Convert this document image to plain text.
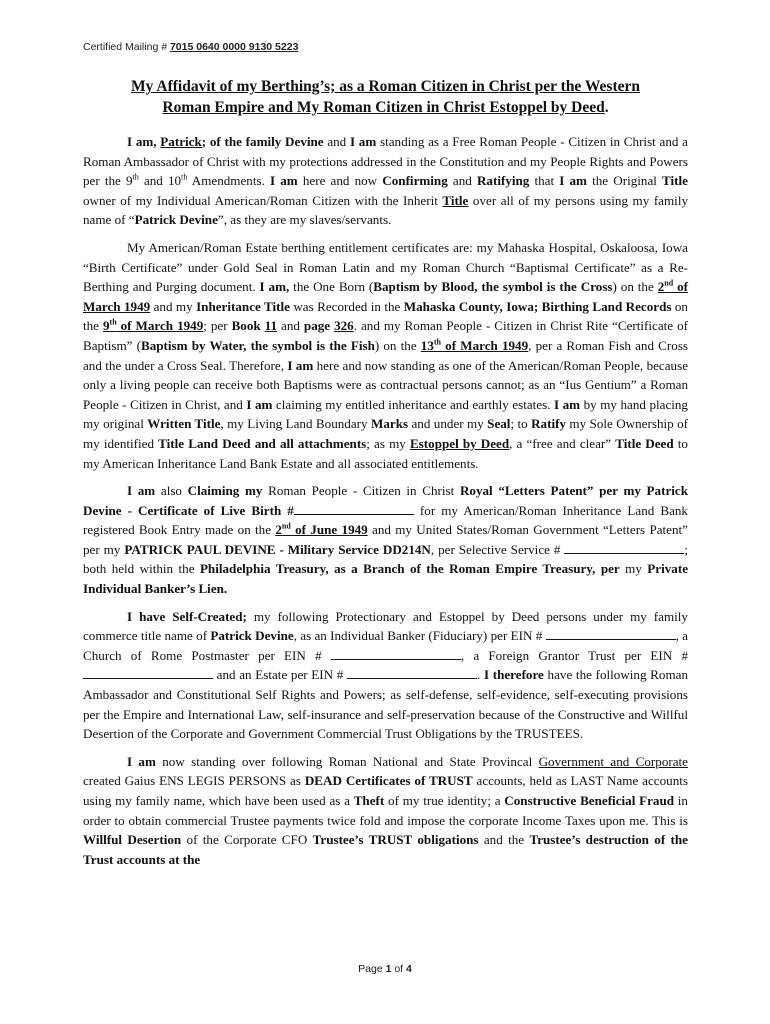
Certified Mailing # 7015 0640 0000 9130 5223
My Affidavit of my Berthing’s; as a Roman Citizen in Christ per the Western
Roman Empire and My Roman Citizen in Christ Estoppel by Deed.

I am, Patrick; of the family Devine and I am standing as a Free Roman People - Citizen in Christ and a Roman Ambassador of Christ with my protections addressed in the Constitution and my People Rights and Powers per the 9th and 10th Amendments. I am here and now Confirming and Ratifying that I am the Original Title owner of my Individual American/Roman Citizen with the Inherit Title over all of my persons using my family name of “Patrick Devine”, as they are my slaves/servants.

My American/Roman Estate berthing entitlement certificates are: my Mahaska Hospital, Oskaloosa, Iowa “Birth Certificate” under Gold Seal in Roman Latin and my Roman Church “Baptismal Certificate” as a Re-Berthing and Purging document. I am, the One Born (Baptism by Blood, the symbol is the Cross) on the 2nd of March 1949 and my Inheritance Title was Recorded in the Mahaska County, Iowa; Birthing Land Records on the 9th of March 1949; per Book 11 and page 326. and my Roman People - Citizen in Christ Rite “Certificate of Baptism” (Baptism by Water, the symbol is the Fish) on the 13th of March 1949, per a Roman Fish and Cross and the under a Cross Seal. Therefore, I am here and now standing as one of the American/Roman People, because only a living people can receive both Baptisms were as contractual persons cannot; as an “Ius Gentium” a Roman People - Citizen in Christ, and I am claiming my entitled inheritance and earthly estates. I am by my hand placing my original Written Title, my Living Land Boundary Marks and under my Seal; to Ratify my Sole Ownership of my identified Title Land Deed and all attachments; as my Estoppel by Deed, a “free and clear” Title Deed to my American Inheritance Land Bank Estate and all associated entitlements.

I am also Claiming my Roman People - Citizen in Christ Royal “Letters Patent” per my Patrick Devine - Certificate of Live Birth #	for my American/Roman Inheritance Land Bank registered Book Entry made on the 2nd of June 1949 and my United States/Roman Government “Letters Patent” per my PATRICK PAUL DEVINE - Military Service DD214N, per Selective Service #	; both held within the Philadelphia Treasury, as a Branch of the Roman Empire Treasury, per my Private Individual Banker’s Lien.

I have Self-Created; my following Protectionary and Estoppel by Deed persons under my family commerce title name of Patrick Devine, as an Individual Banker (Fiduciary) per EIN #	, a Church of Rome Postmaster per EIN #	, a Foreign Grantor Trust per EIN #  and an Estate per EIN #	. I therefore have the following Roman Ambassador and Constitutional Self Rights and Powers; as self-defense, self-evidence, self-executing provisions per the Empire and International Law, self-insurance and self-preservation because of the Constructive and Willful Desertion of the Corporate and Government Commercial Trust Obligations by the TRUSTEES.

I am now standing over following Roman National and State Provincal Government and Corporate created Gaius ENS LEGIS PERSONS as DEAD Certificates of TRUST accounts, held as LAST Name accounts using my family name, which have been used as a Theft of my true identity; a Constructive Beneficial Fraud in order to obtain commercial Trustee payments twice fold and impose the corporate Income Taxes upon me. This is Willful Desertion of the Corporate CFO Trustee’s TRUST obligations and the Trustee’s destruction of the Trust accounts at the

Page 1 of 4
